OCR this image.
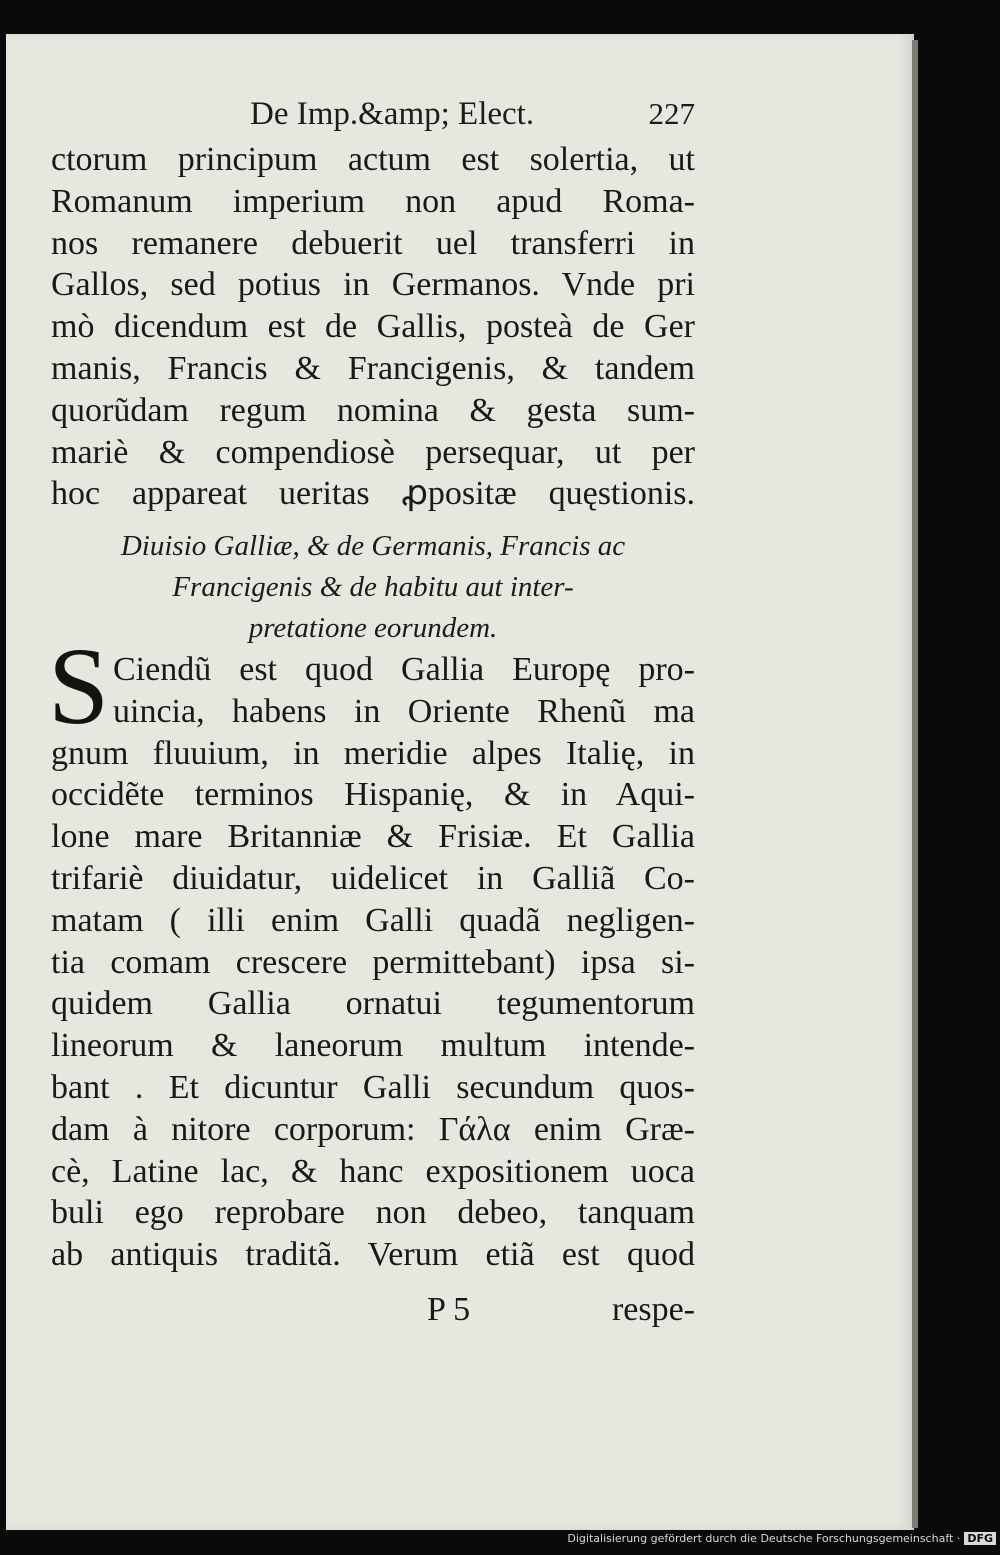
De Imp.&amp; Elect.	227
ctorum principum actum est solertia, ut
Romanum imperium non apud Roma-
nos remanere debuerit uel transferri in
Gallos, sed potius in Germanos. Vnde pri
mò dicendum est de Gallis, posteà de Ger
manis, Francis & Francigenis, & tandem
quorũdam regum nomina & gesta sum-
mariè & compendiosè persequar, ut per
hoc appareat ueritas ꝓpositæ quęstionis.
Diuisio Galliæ, & de Germanis, Francis ac
Francigenis & de habitu aut inter-
pretatione eorundem.
S Ciendũ est quod Gallia Europę pro-
uincia, habens in Oriente Rhenũ ma
gnum fluuium, in meridie alpes Italię, in
occidẽte terminos Hispanię, & in Aqui-
lone mare Britanniæ & Frisiæ. Et Gallia
trifariè diuidatur, uidelicet in Galliã Co-
matam ( illi enim Galli quadã negligen-
tia comam crescere permittebant) ipsa si-
quidem Gallia ornatui tegumentorum
lineorum & laneorum multum intende-
bant . Et dicuntur Galli secundum quos-
dam à nitore corporum: Γάλα enim Græ-
cè, Latine lac, & hanc expositionem uoca
buli ego reprobare non debeo, tanquam
ab antiquis traditã. Verum etiã est quod
P 5	respe-
Digitalisierung gefördert durch die Deutsche Forschungsgemeinschaft · DFG
